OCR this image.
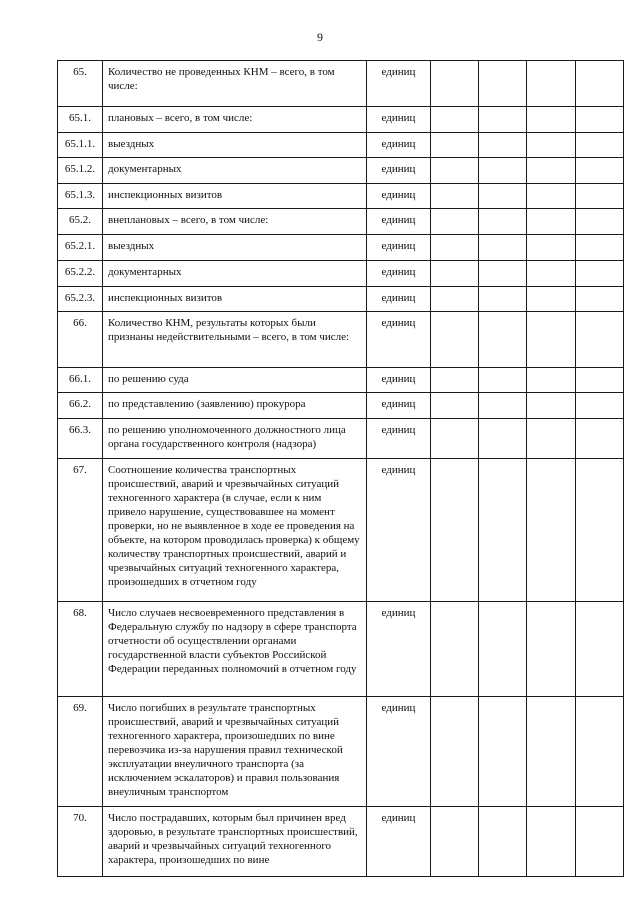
9
65.	Количество не проведенных КНМ – всего, в том числе:	единиц				
65.1.	плановых – всего, в том числе:	единиц				
65.1.1.	выездных	единиц				
65.1.2.	документарных	единиц				
65.1.3.	инспекционных визитов	единиц				
65.2.	внеплановых – всего, в том числе:	единиц				
65.2.1.	выездных	единиц				
65.2.2.	документарных	единиц				
65.2.3.	инспекционных визитов	единиц				
66.	Количество КНМ, результаты которых были признаны недействительными – всего, в том числе:	единиц				
66.1.	по решению суда	единиц				
66.2.	по представлению (заявлению) прокурора	единиц				
66.3.	по решению уполномоченного должностного лица органа государственного контроля (надзора)	единиц				
67.	Соотношение количества транспортных происшествий, аварий и чрезвычайных ситуаций техногенного характера (в случае, если к ним привело нарушение, существовавшее на момент проверки, но не выявленное в ходе ее проведения на объекте, на котором проводилась проверка) к общему количеству транспортных происшествий, аварий и чрезвычайных ситуаций техногенного характера, произошедших в отчетном году	единиц				
68.	Число случаев несвоевременного представления в Федеральную службу по надзору в сфере транспорта отчетности об осуществлении органами государственной власти субъектов Российской Федерации переданных полномочий в отчетном году	единиц				
69.	Число погибших в результате транспортных происшествий, аварий и чрезвычайных ситуаций техногенного характера, произошедших по вине перевозчика из-за нарушения правил технической эксплуатации внеуличного транспорта (за исключением эскалаторов) и правил пользования внеуличным транспортом	единиц				
70.	Число пострадавших, которым был причинен вред здоровью, в результате транспортных происшествий, аварий и чрезвычайных ситуаций техногенного характера, произошедших по вине	единиц				
